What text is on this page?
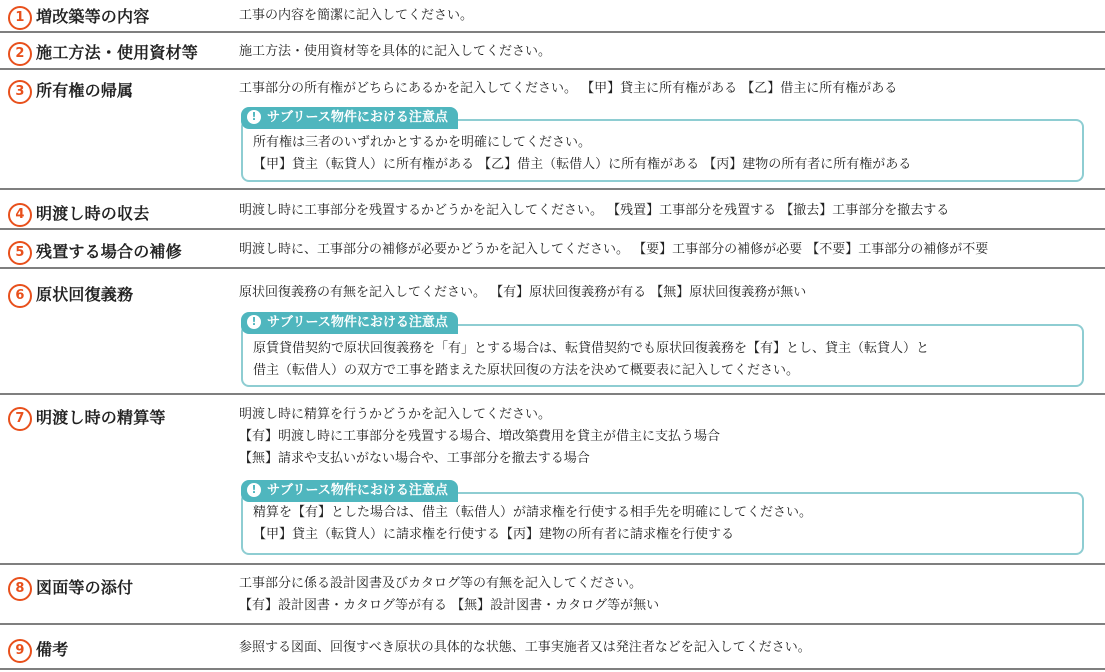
1 増改築等の内容	工事の内容を簡潔に記入してください。
2 施工方法・使用資材等	施工方法・使用資材等を具体的に記入してください。
3 所有権の帰属	工事部分の所有権がどちらにあるかを記入してください。 【甲】貸主に所有権がある 【乙】借主に所有権がある
! サブリース物件における注意点
所有権は三者のいずれかとするかを明確にしてください。
【甲】貸主（転貸人）に所有権がある 【乙】借主（転借人）に所有権がある 【丙】建物の所有者に所有権がある
4 明渡し時の収去	明渡し時に工事部分を残置するかどうかを記入してください。 【残置】工事部分を残置する 【撤去】工事部分を撤去する
5 残置する場合の補修	明渡し時に、工事部分の補修が必要かどうかを記入してください。 【要】工事部分の補修が必要 【不要】工事部分の補修が不要
6 原状回復義務	原状回復義務の有無を記入してください。 【有】原状回復義務が有る 【無】原状回復義務が無い
! サブリース物件における注意点
原賃貸借契約で原状回復義務を「有」とする場合は、転貸借契約でも原状回復義務を【有】とし、貸主（転貸人）と
借主（転借人）の双方で工事を踏まえた原状回復の方法を決めて概要表に記入してください。
7 明渡し時の精算等	明渡し時に精算を行うかどうかを記入してください。
【有】明渡し時に工事部分を残置する場合、増改築費用を貸主が借主に支払う場合
【無】請求や支払いがない場合や、工事部分を撤去する場合
! サブリース物件における注意点
精算を【有】とした場合は、借主（転借人）が請求権を行使する相手先を明確にしてください。
【甲】貸主（転貸人）に請求権を行使する【丙】建物の所有者に請求権を行使する
8 図面等の添付	工事部分に係る設計図書及びカタログ等の有無を記入してください。
【有】設計図書・カタログ等が有る 【無】設計図書・カタログ等が無い
9 備考	参照する図面、回復すべき原状の具体的な状態、工事実施者又は発注者などを記入してください。
